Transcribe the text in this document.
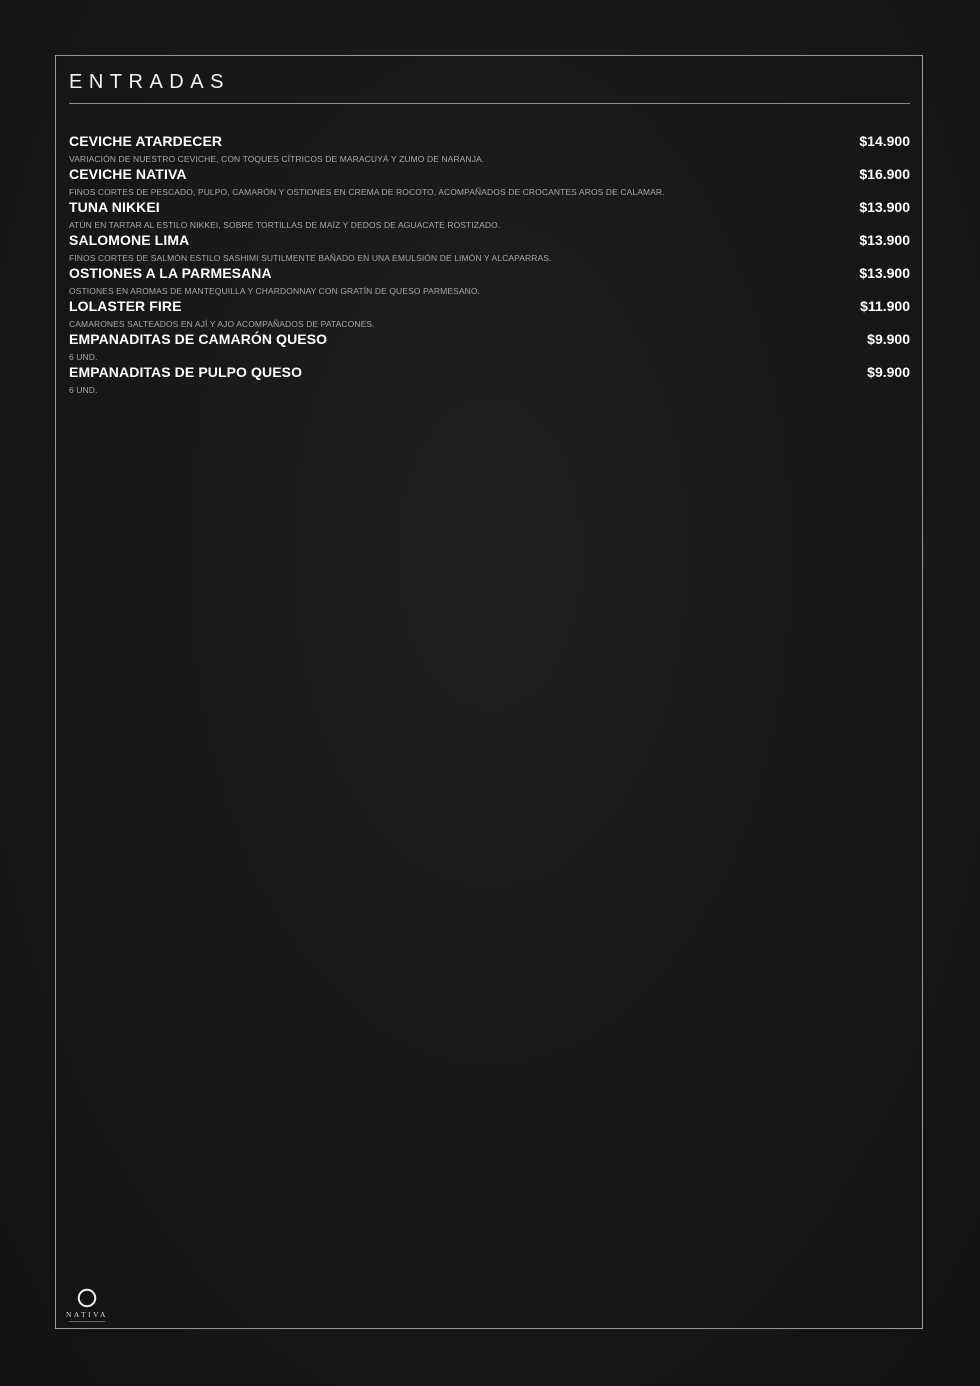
ENTRADAS
CEVICHE ATARDECER	$14.900
VARIACIÓN DE NUESTRO CEVICHE, CON TOQUES CÍTRICOS DE MARACUYÁ Y ZUMO DE NARANJA.
CEVICHE NATIVA	$16.900
FINOS CORTES DE PESCADO, PULPO, CAMARÓN Y OSTIONES EN CREMA DE ROCOTO, ACOMPAÑADOS DE CROCANTES AROS DE CALAMAR.
TUNA NIKKEI	$13.900
ATÚN EN TARTAR AL ESTILO NIKKEI, SOBRE TORTILLAS DE MAÍZ Y DEDOS DE AGUACATE ROSTIZADO.
SALOMONE LIMA	$13.900
FINOS CORTES DE SALMÓN ESTILO SASHIMI SUTILMENTE BAÑADO EN UNA EMULSIÓN DE LIMÓN Y ALCAPARRAS.
OSTIONES A LA PARMESANA	$13.900
OSTIONES EN AROMAS DE MANTEQUILLA Y CHARDONNAY CON GRATÍN DE QUESO PARMESANO.
LOLASTER FIRE	$11.900
CAMARONES SALTEADOS EN AJÍ Y AJO ACOMPAÑADOS DE PATACONES.
EMPANADITAS DE CAMARÓN QUESO	$9.900
6 UND.
EMPANADITAS DE PULPO QUESO	$9.900
6 UND.
NATIVA
